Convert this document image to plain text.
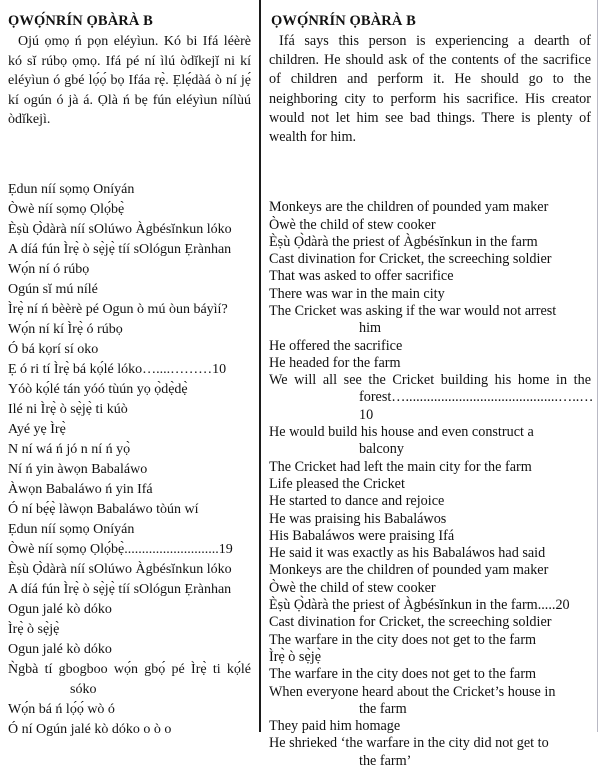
ỌWỌ́NRÍN ỌBÀRÀ B

Ojú ọmọ ń pọn eléyìun. Kó bi Ifá léèrè kó sĭ rúbọ ọmọ. Ifá pé ní ìlú òdĭkejĭ ni kí eléyìun ó gbé lọ́ọ́ bọ Ifáa rẹ̀. Ẹlẹ́dàá ò ní jẹ́ kí ogún ó jà á. Ọlà ń bẹ fún eléyìun nílùú òdĭkejì.

Ẹdun níí sọmọ Oníyán
Òwè níí sọmọ Ọlọ́bẹ̀
Èṣù Ọ̀dàrà níí sOlúwo Àgbésĭnkun lóko
A díá fún Ìrẹ̀ ò sẹ̀jẹ̀ tíí sOlógun Ẹrànhan
Wọ́n ní ó rúbọ
Ogún sĭ mú nílé
Ìrẹ̀ ní ń bèèrè pé Ogun ò mú òun báyìí?
Wọ́n ní kí Ìrẹ̀ ó rúbọ
Ó bá kọrí sí oko
Ẹ ó ri tí Ìrẹ̀ bá kọ́lé lóko…....………10
Yóò kọ́lé tán yóó tùún yọ ọ̀dẹ̀dẹ̀
Ilé ni Ìrẹ̀ ò sẹ̀jẹ̀ ti kúò
Ayé yẹ Ìrẹ̀
N ní wá ń jó n ní ń yọ̀
Ní ń yin àwọn Babaláwo
Àwọn Babaláwo ń yin Ifá
Ó ní bẹ́ẹ̀ làwọn Babaláwo tòún wí
Ẹdun níí sọmọ Oníyán
Òwè níí sọmọ Ọlọ́bẹ̀...........................19
Èṣù Ọ̀dàrà níí sOlúwo Àgbésĭnkun lóko
A díá fún Ìrẹ̀ ò sẹ̀jẹ̀ tíí sOlógun Ẹrànhan
Ogun jalé kò dóko
Ìrẹ̀ ò sẹ̀jẹ̀
Ogun jalé kò dóko
Ǹgbà tí gbogboo wọ́n gbọ́ pé Ìrẹ̀ ti kọ́lé
sóko
Wọ́n bá ń lọ́ọ́ wò ó
Ó ní Ogún jalé kò dóko o ò o
ỌWỌ́NRÍN ỌBÀRÀ B

Ifá says this person is experiencing a dearth of children. He should ask of the contents of the sacrifice of children and perform it. He should go to the neighboring city to perform his sacrifice. His creator would not let him see bad things. There is plenty of wealth for him.

Monkeys are the children of pounded yam maker
Òwè the child of stew cooker
Èṣù Ọ̀dàrà the priest of Àgbésĭnkun in the farm
Cast divination for Cricket, the screeching soldier
That was asked to offer sacrifice
There was war in the main city
The Cricket was asking if the war would not arrest
him
He offered the sacrifice
He headed for the farm
We will all see the Cricket building his home in the
forest…...........................................…..…10
He would build his house and even construct a
balcony
The Cricket had left the main city for the farm
Life pleased the Cricket
He started to dance and rejoice
He was praising his Babaláwos
His Babaláwos were praising Ifá
He said it was exactly as his Babaláwos had said
Monkeys are the children of pounded yam maker
Òwè the child of stew cooker
Èṣù Ọ̀dàrà the priest of Àgbésĭnkun in the farm.....20
Cast divination for Cricket, the screeching soldier
The warfare in the city does not get to the farm
Ìrẹ̀ ò sẹ̀jẹ̀
The warfare in the city does not get to the farm
When everyone heard about the Cricket’s house in
the farm
They paid him homage
He shrieked ‘the warfare in the city did not get to
the farm’
